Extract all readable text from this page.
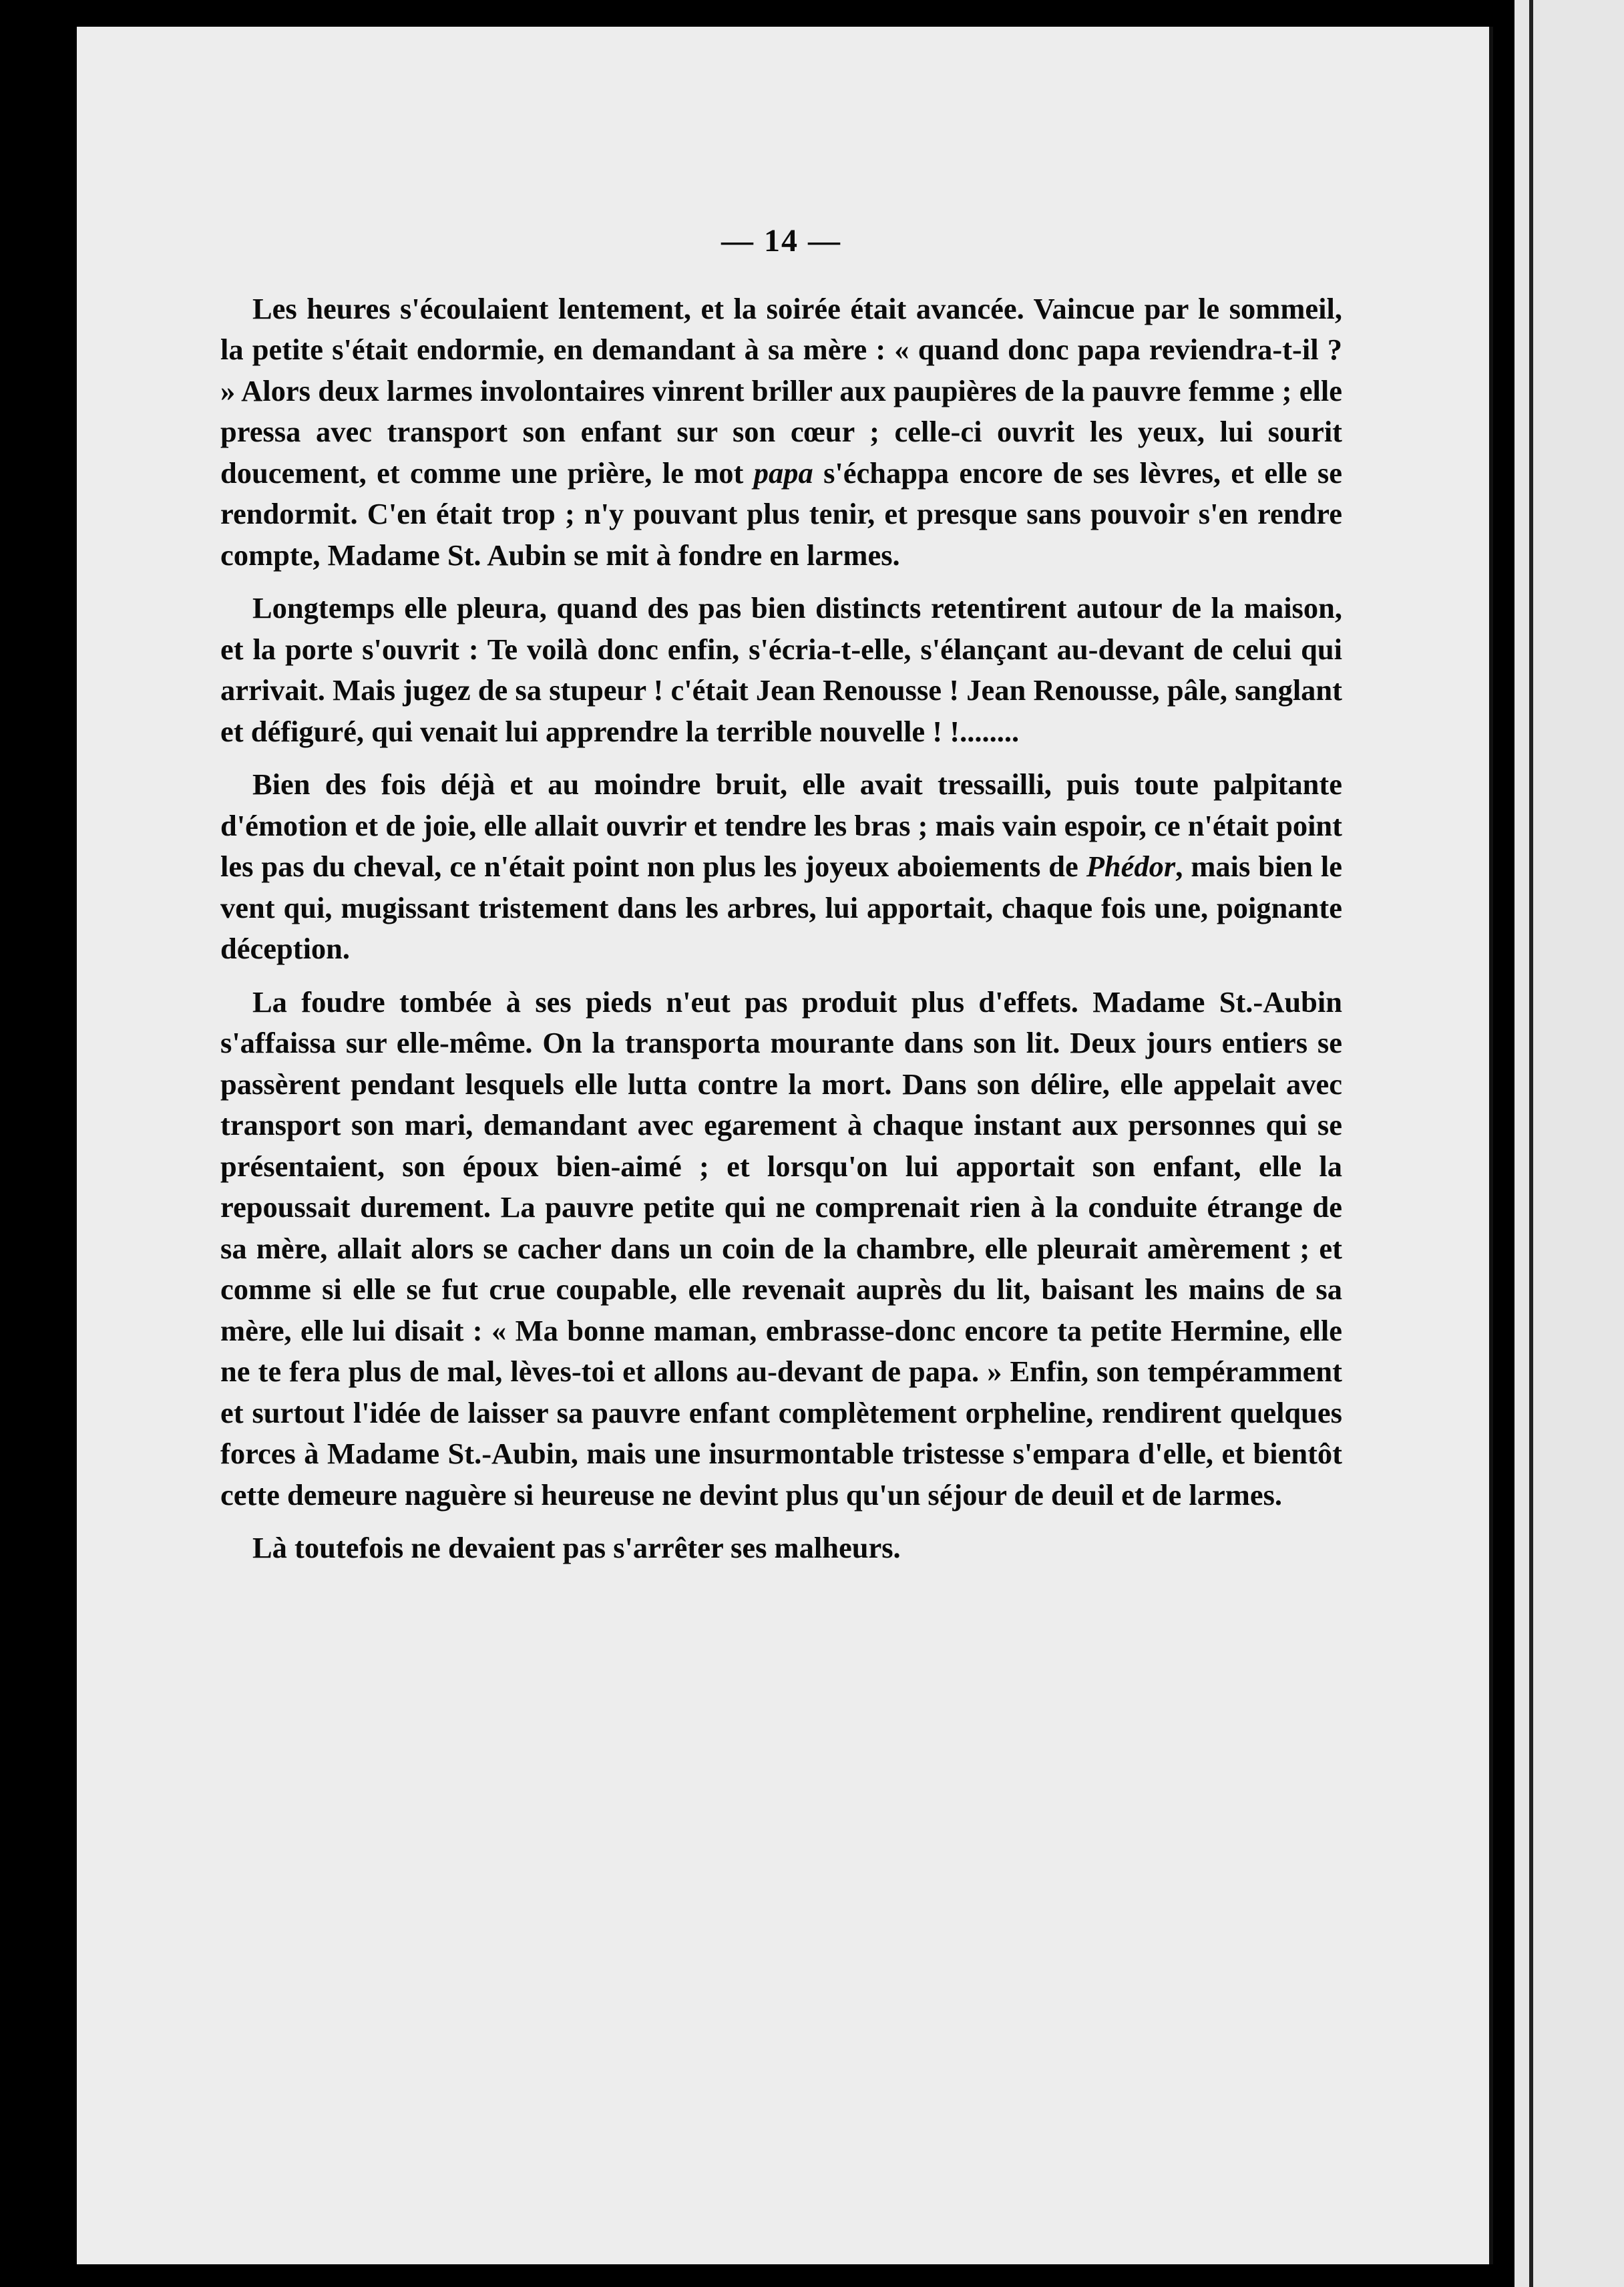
— 14 —

Les heures s'écoulaient lentement, et la soirée était avancée. Vaincue par le sommeil, la petite s'était endormie, en demandant à sa mère : « quand donc papa reviendra-t-il ? » Alors deux larmes involontaires vinrent briller aux paupières de la pauvre femme ; elle pressa avec transport son enfant sur son cœur ; celle-ci ouvrit les yeux, lui sourit doucement, et comme une prière, le mot papa s'échappa encore de ses lèvres, et elle se rendormit. C'en était trop ; n'y pouvant plus tenir, et presque sans pouvoir s'en rendre compte, Madame St. Aubin se mit à fondre en larmes.

Longtemps elle pleura, quand des pas bien distincts retentirent autour de la maison, et la porte s'ouvrit : Te voilà donc enfin, s'écria-t-elle, s'élançant au-devant de celui qui arrivait. Mais jugez de sa stupeur ! c'était Jean Renousse ! Jean Renousse, pâle, sanglant et défiguré, qui venait lui apprendre la terrible nouvelle ! !........

Bien des fois déjà et au moindre bruit, elle avait tressailli, puis toute palpitante d'émotion et de joie, elle allait ouvrir et tendre les bras ; mais vain espoir, ce n'était point les pas du cheval, ce n'était point non plus les joyeux aboiements de Phédor, mais bien le vent qui, mugissant tristement dans les arbres, lui apportait, chaque fois une, poignante déception.

La foudre tombée à ses pieds n'eut pas produit plus d'effets. Madame St.-Aubin s'affaissa sur elle-même. On la transporta mourante dans son lit. Deux jours entiers se passèrent pendant lesquels elle lutta contre la mort. Dans son délire, elle appelait avec transport son mari, demandant avec egarement à chaque instant aux personnes qui se présentaient, son époux bien-aimé ; et lorsqu'on lui apportait son enfant, elle la repoussait durement. La pauvre petite qui ne comprenait rien à la conduite étrange de sa mère, allait alors se cacher dans un coin de la chambre, elle pleurait amèrement ; et comme si elle se fut crue coupable, elle revenait auprès du lit, baisant les mains de sa mère, elle lui disait : « Ma bonne maman, embrasse-donc encore ta petite Hermine, elle ne te fera plus de mal, lèves-toi et allons au-devant de papa. » Enfin, son tempéramment et surtout l'idée de laisser sa pauvre enfant complètement orpheline, rendirent quelques forces à Madame St.-Aubin, mais une insurmontable tristesse s'empara d'elle, et bientôt cette demeure naguère si heureuse ne devint plus qu'un séjour de deuil et de larmes.

Là toutefois ne devaient pas s'arrêter ses malheurs.
